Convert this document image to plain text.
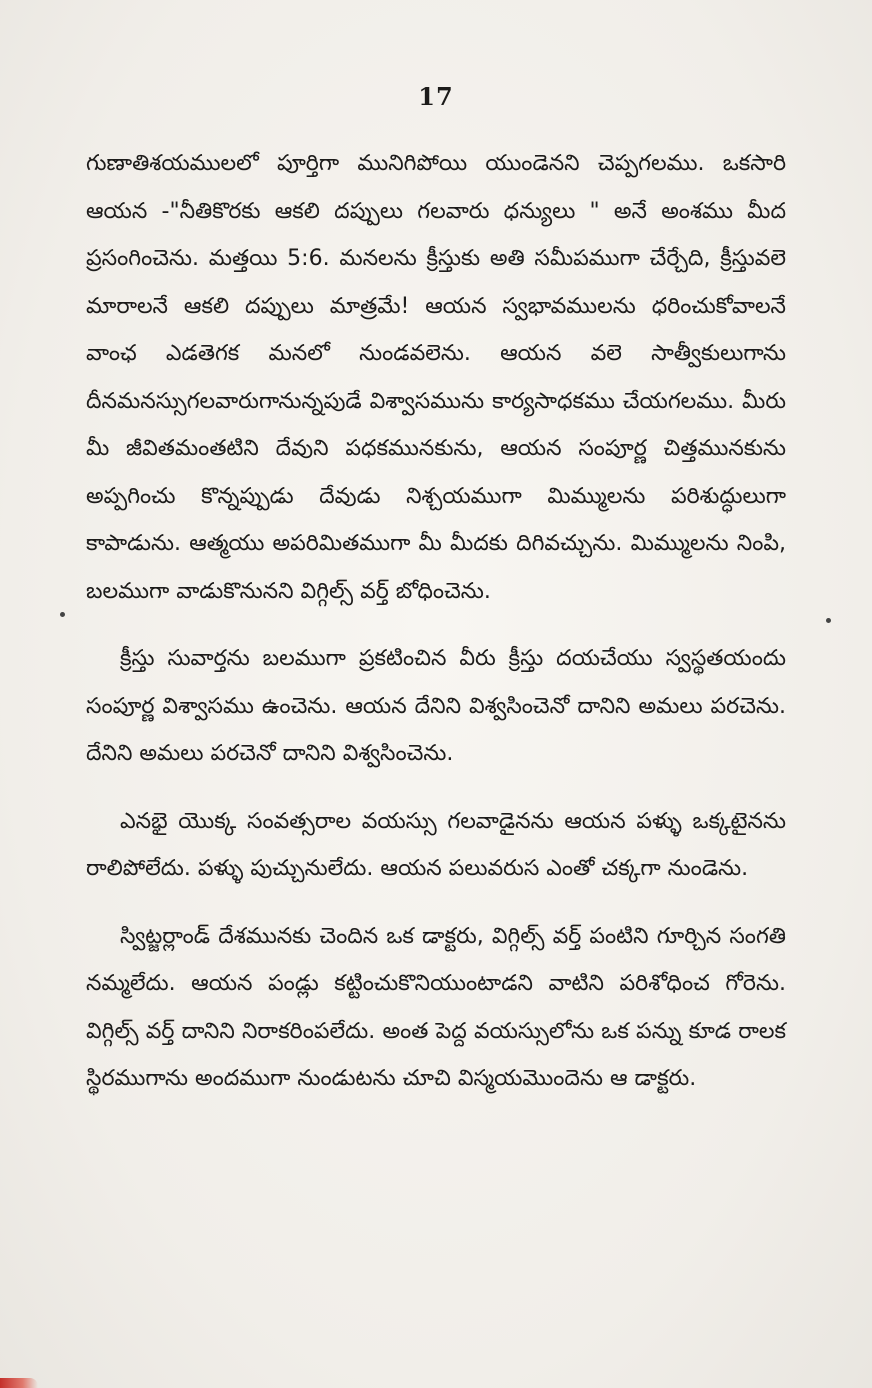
17

గుణాతిశయములలో పూర్తిగా మునిగిపోయి యుండెనని చెప్పగలము. ఒకసారి ఆయన -"నీతికొరకు ఆకలి దప్పులు గలవారు ధన్యులు " అనే అంశము మీద ప్రసంగించెను. మత్తయి 5:6. మనలను క్రీస్తుకు అతి సమీపముగా చేర్చేది, క్రీస్తువలె మారాలనే ఆకలి దప్పులు మాత్రమే! ఆయన స్వభావములను ధరించుకోవాలనే వాంఛ ఎడతెగక మనలో నుండవలెను. ఆయన వలె సాత్వీకులుగాను దీనమనస్సుగలవారుగానున్నపుడే విశ్వాసమును కార్యసాధకము చేయగలము. మీరు మీ జీవితమంతటిని దేవుని పధకమునకును, ఆయన సంపూర్ణ చిత్తమునకును అప్పగించు కొన్నప్పుడు దేవుడు నిశ్చయముగా మిమ్ములను పరిశుద్ధులుగా కాపాడును. ఆత్మయు అపరిమితముగా మీ మీదకు దిగివచ్చును. మిమ్ములను నింపి, బలముగా వాడుకొనునని విగ్గిల్స్ వర్త్ బోధించెను.

క్రీస్తు సువార్తను బలముగా ప్రకటించిన వీరు క్రీస్తు దయచేయు స్వస్థతయందు సంపూర్ణ విశ్వాసము ఉంచెను. ఆయన దేనిని విశ్వసించెనో దానిని అమలు పరచెను. దేనిని అమలు పరచెనో దానిని విశ్వసించెను.

ఎనభై యొక్క సంవత్సరాల వయస్సు గలవాడైనను ఆయన పళ్ళు ఒక్కటైనను రాలిపోలేదు. పళ్ళు పుచ్చునులేదు. ఆయన పలువరుస ఎంతో చక్కగా నుండెను.

స్విట్జర్లాండ్ దేశమునకు చెందిన ఒక డాక్టరు, విగ్గిల్స్ వర్త్ పంటిని గూర్చిన సంగతి నమ్మలేదు. ఆయన పండ్లు కట్టించుకొనియుంటాడని వాటిని పరిశోధించ గోరెను. విగ్గిల్స్ వర్త్ దానిని నిరాకరింపలేదు. అంత పెద్ద వయస్సులోను ఒక పన్ను కూడ రాలక స్థిరముగాను అందముగా నుండుటను చూచి విస్మయమొందెను ఆ డాక్టరు.
